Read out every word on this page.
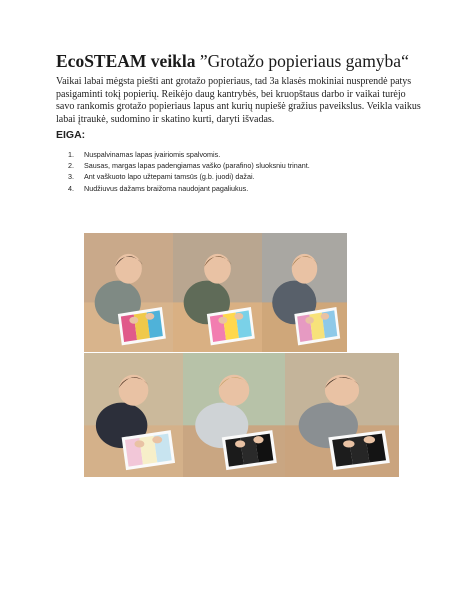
EcoSTEAM veikla ”Grotažo popieriaus gamyba“
Vaikai labai mėgsta piešti ant grotažo popieriaus, tad 3a klasės mokiniai nusprendė patys pasigaminti tokį popierių. Reikėjo daug kantrybės, bei kruopštaus darbo ir vaikai turėjo savo rankomis grotažo popieriaus lapus ant kurių nupiešė gražius paveikslus. Veikla vaikus labai įtraukė, sudomino ir skatino kurti, daryti išvadas.
EIGA:
1. Nuspalvinamas lapas įvairiomis spalvomis.
2. Sausas, margas lapas padengiamas vaško (parafino) sluoksniu trinant.
3. Ant vaškuoto lapo užtepami tamsūs (g.b. juodi) dažai.
4. Nudžiuvus dažams braižoma naudojant pagaliukus.
